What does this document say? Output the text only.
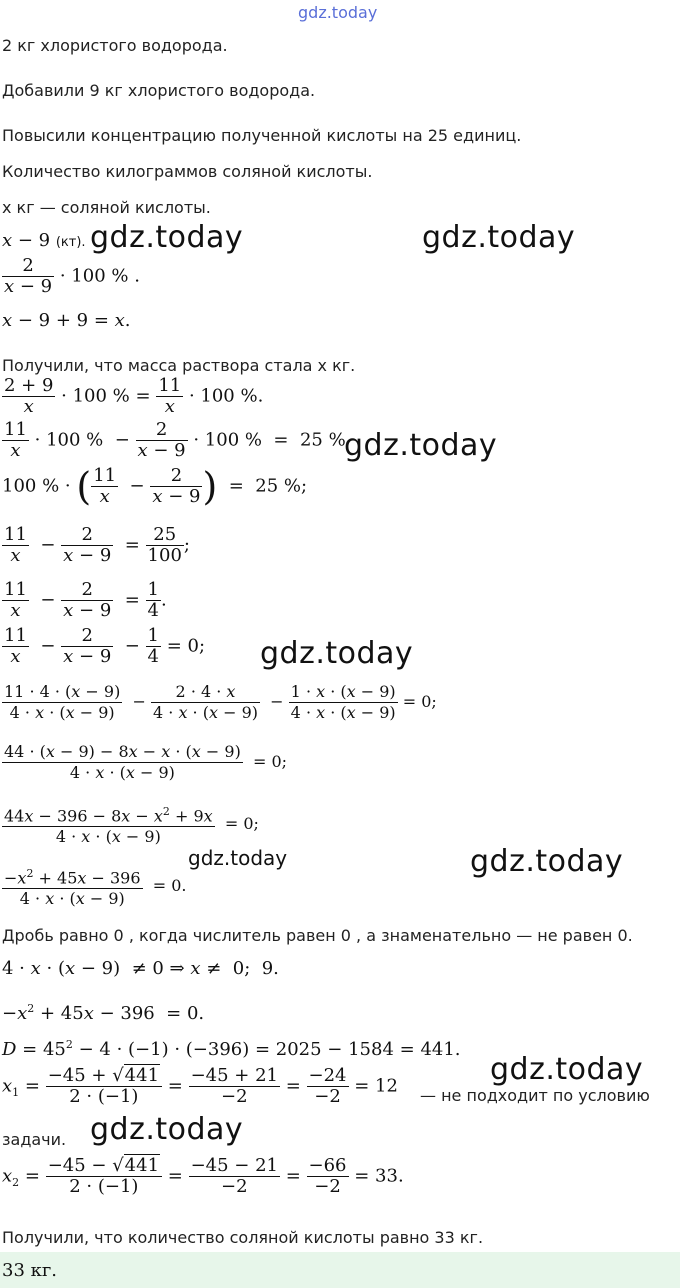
gdz.today
2 кг хлористого водорода.
Добавили 9 кг хлористого водорода.
Повысили концентрацию полученной кислоты на 25 единиц.
Количество килограммов соляной кислоты.
x кг — соляной кислоты.
x − 9 (кт). gdz.today	gdz.today
$\frac{2}{x - 9} \cdot 100$ % .
x − 9 + 9 = x.
Получили, что масса раствора стала x кг.
$\frac{2 + 9}{x} \cdot 100$ % = $\frac{11}{x} \cdot 100$ %.
$\frac{11}{x} \cdot 100$ %  − $\frac{2}{x - 9} \cdot 100$ %  =  25 %
gdz.today
100 % · ( $\frac{11}{x} - \frac{2}{x - 9}$ )  =  25 %;
$\frac{11}{x} - \frac{2}{x - 9} = \frac{25}{100}$ ;
$\frac{11}{x} - \frac{2}{x - 9} = \frac{1}{4}$ .
$\frac{11}{x} - \frac{2}{x - 9} - \frac{1}{4} = 0$; gdz.today
$\frac{11 \cdot 4 \cdot (x - 9)}{4 \cdot x \cdot (x - 9)} - \frac{2 \cdot 4 \cdot x}{4 \cdot x \cdot (x - 9)} - \frac{1 \cdot x \cdot (x - 9)}{4 \cdot x \cdot (x - 9)} = 0$;
$\frac{44 \cdot (x - 9) - 8x - x \cdot (x - 9)}{4 \cdot x \cdot (x - 9)} = 0$;
$\frac{44x - 396 - 8x - x^2 + 9x}{4 \cdot x \cdot (x - 9)} = 0$;
gdz.today	gdz.today
$\frac{-x^2 + 45x - 396}{4 \cdot x \cdot (x - 9)} = 0$.
Дробь равно 0 , когда числитель равен 0 , а знаменательно — не равен 0.
4 · x · (x − 9)  ≠ 0 ⇒ x ≠  0;  9.
$-x^2 + 45x - 396 = 0$.
$D = 45^2 - 4 \cdot (-1) \cdot (-396) = 2025 - 1584 = 441$.
$x_1 = \frac{-45 + √441}{2 \cdot (-1)} = \frac{-45 + 21}{-2} = \frac{-24}{-2} = 12$ — не подходит по условию
gdz.today
задачи. gdz.today
$x_2 = \frac{-45 - √441}{2 \cdot (-1)} = \frac{-45 - 21}{-2} = \frac{-66}{-2} = 33$.
Получили, что количество соляной кислоты равно 33 кг.
33 кг.
